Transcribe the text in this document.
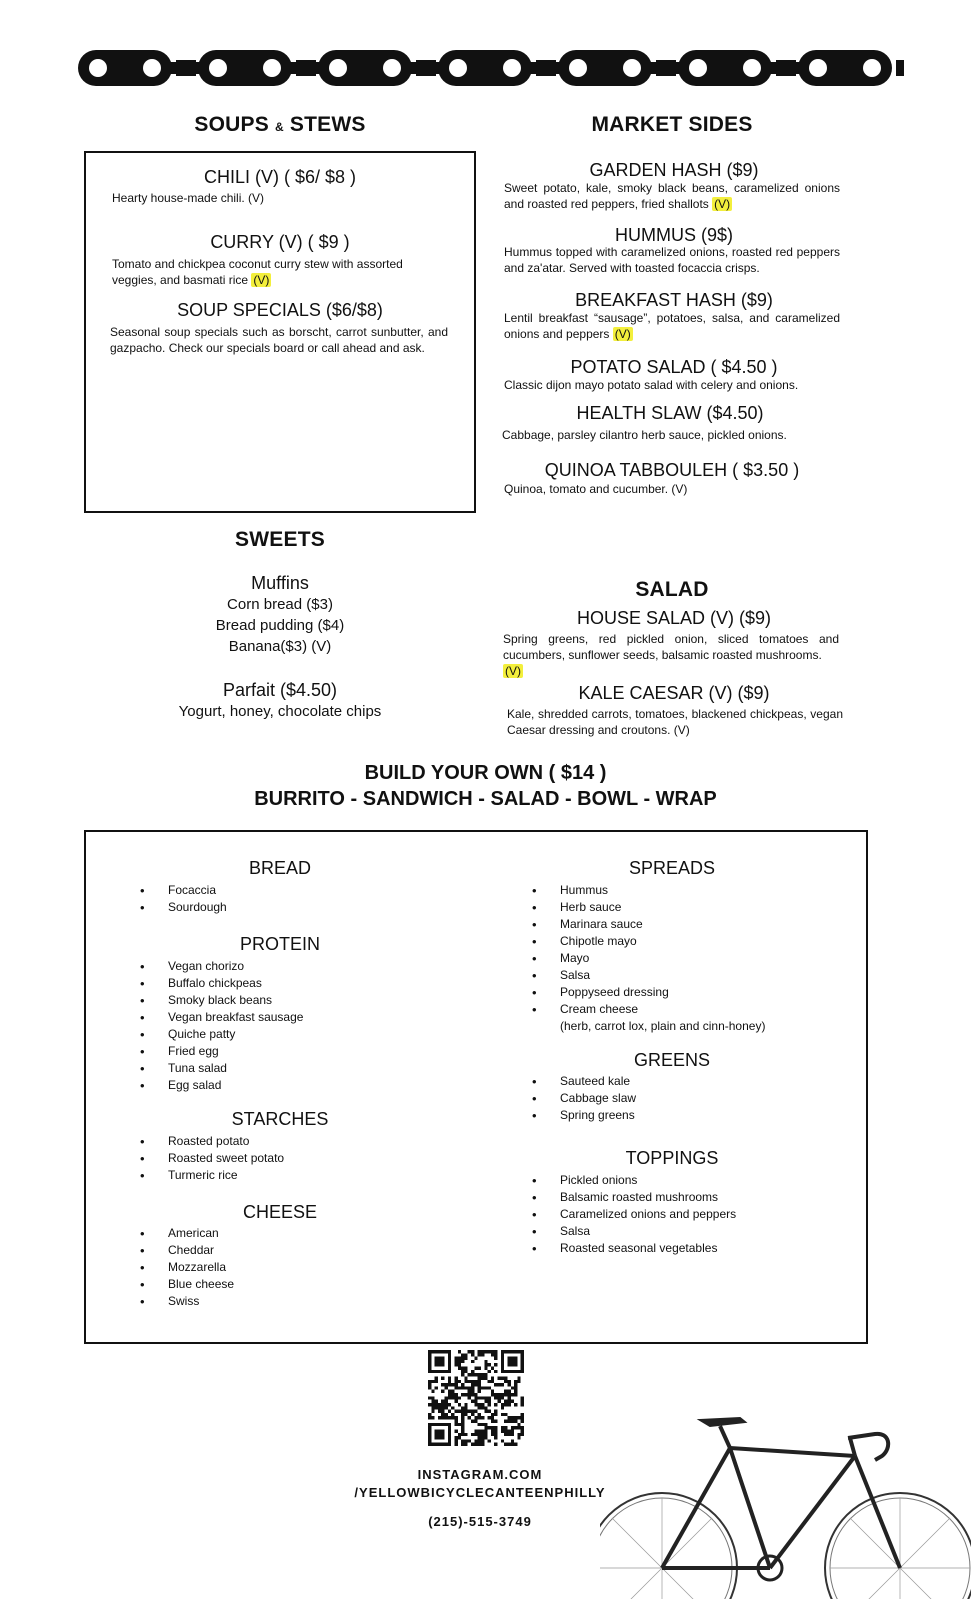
SOUPS & STEWS
CHILI (V) ( $6/ $8 )
Hearty house-made chili. (V)
CURRY (V) ( $9 )
Tomato and chickpea coconut curry stew with assorted veggies, and basmati rice (V)
SOUP SPECIALS ($6/$8)
Seasonal soup specials such as borscht, carrot sunbutter, and gazpacho. Check our specials board or call ahead and ask.
MARKET SIDES
GARDEN HASH ($9)
Sweet potato, kale, smoky black beans, caramelized onions and roasted red peppers, fried shallots (V)
HUMMUS (9$)
Hummus topped with caramelized onions, roasted red peppers and za'atar. Served with toasted focaccia crisps.
BREAKFAST HASH ($9)
Lentil breakfast “sausage”, potatoes, salsa, and caramelized onions and peppers (V)
POTATO SALAD ( $4.50 )
Classic dijon mayo potato salad with celery and onions.
HEALTH SLAW ($4.50)
Cabbage, parsley cilantro herb sauce, pickled onions.
QUINOA TABBOULEH ( $3.50 )
Quinoa, tomato and cucumber. (V)
SWEETS
Muffins
Corn bread ($3)
Bread pudding ($4)
Banana($3) (V)
Parfait ($4.50)
Yogurt, honey, chocolate chips
SALAD
HOUSE SALAD (V) ($9)
Spring greens, red pickled onion, sliced tomatoes and cucumbers, sunflower seeds, balsamic roasted mushrooms.
(V)
KALE CAESAR (V) ($9)
Kale, shredded carrots, tomatoes, blackened chickpeas, vegan Caesar dressing and croutons. (V)
BUILD YOUR OWN ( $14 )
BURRITO - SANDWICH - SALAD - BOWL - WRAP
BREAD
• Focaccia
• Sourdough
PROTEIN
• Vegan chorizo
• Buffalo chickpeas
• Smoky black beans
• Vegan breakfast sausage
• Quiche patty
• Fried egg
• Tuna salad
• Egg salad
STARCHES
• Roasted potato
• Roasted sweet potato
• Turmeric rice
CHEESE
• American
• Cheddar
• Mozzarella
• Blue cheese
• Swiss
SPREADS
• Hummus
• Herb sauce
• Marinara sauce
• Chipotle mayo
• Mayo
• Salsa
• Poppyseed dressing
• Cream cheese
(herb, carrot lox, plain and cinn-honey)
GREENS
• Sauteed kale
• Cabbage slaw
• Spring greens
TOPPINGS
• Pickled onions
• Balsamic roasted mushrooms
• Caramelized onions and peppers
• Salsa
• Roasted seasonal vegetables
INSTAGRAM.COM
/YELLOWBICYCLECANTEENPHILLY
(215)-515-3749
